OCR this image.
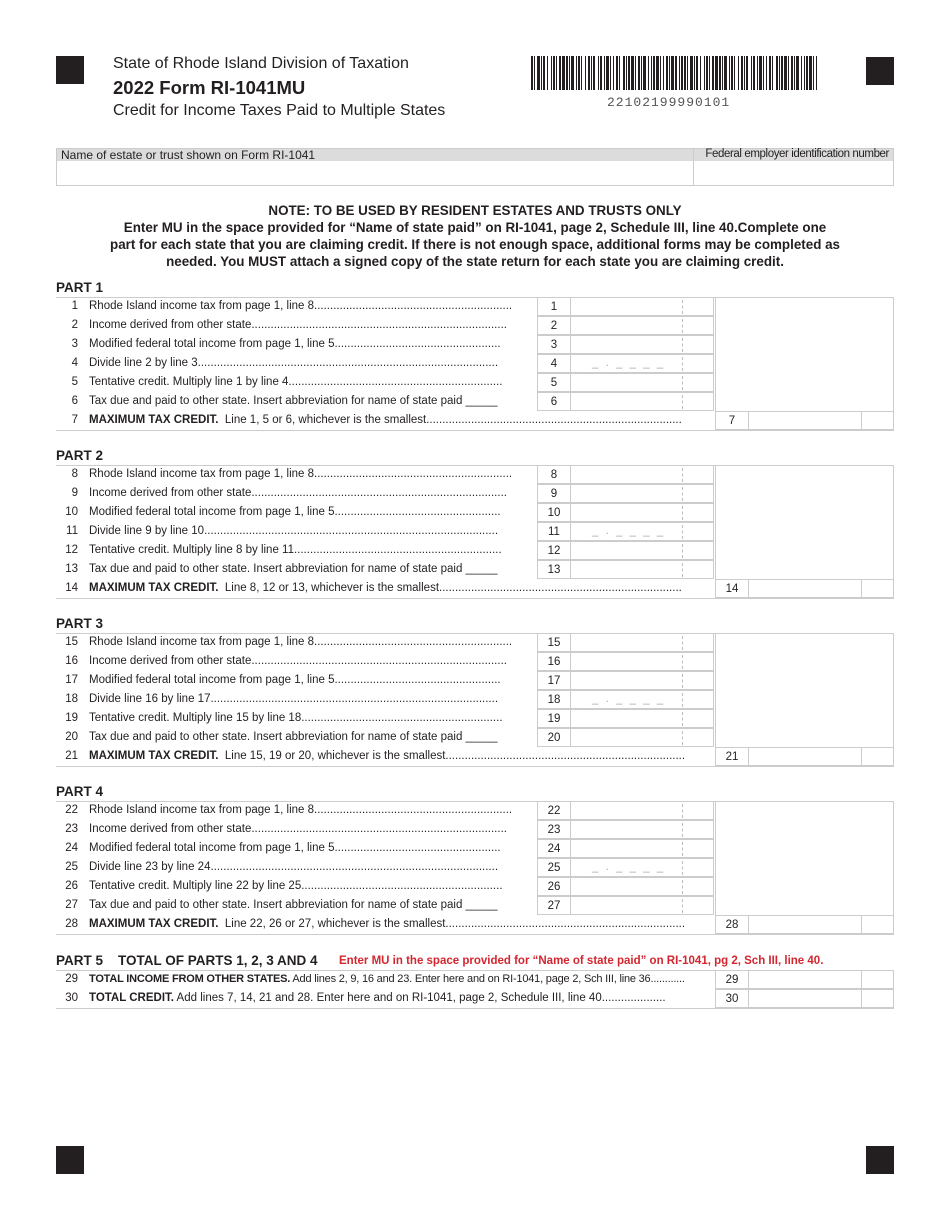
State of Rhode Island Division of Taxation
2022 Form RI-1041MU
Credit for Income Taxes Paid to Multiple States	22102199990101
Name of estate or trust shown on Form RI-1041	Federal employer identification number
NOTE: TO BE USED BY RESIDENT ESTATES AND TRUSTS ONLY
Enter MU in the space provided for “Name of state paid” on RI-1041, page 2, Schedule III, line 40.Complete one
part for each state that you are claiming credit. If there is not enough space, additional forms may be completed as
needed. You MUST attach a signed copy of the state return for each state you are claiming credit.
PART 1
1 Rhode Island income tax from page 1, line 8..............................................................	1
2 Income derived from other state................................................................................	2
3 Modified federal total income from page 1, line 5....................................................	3
4 Divide line 2 by line 3..............................................................................................	4	_ . _ _ _ _
5 Tentative credit. Multiply line 1 by line 4...................................................................	5
6 Tax due and paid to other state. Insert abbreviation for name of state paid _____	6
7 MAXIMUM TAX CREDIT. Line 1, 5 or 6, whichever is the smallest................................................................................	7
PART 2
8 Rhode Island income tax from page 1, line 8..............................................................	8
9 Income derived from other state................................................................................	9
10 Modified federal total income from page 1, line 5....................................................	10
11 Divide line 9 by line 10............................................................................................	11	_ . _ _ _ _
12 Tentative credit. Multiply line 8 by line 11.................................................................	12
13 Tax due and paid to other state. Insert abbreviation for name of state paid _____	13
14 MAXIMUM TAX CREDIT. Line 8, 12 or 13, whichever is the smallest............................................................................	14
PART 3
15 Rhode Island income tax from page 1, line 8..............................................................	15
16 Income derived from other state................................................................................	16
17 Modified federal total income from page 1, line 5....................................................	17
18 Divide line 16 by line 17..........................................................................................	18	_ . _ _ _ _
19 Tentative credit. Multiply line 15 by line 18...............................................................	19
20 Tax due and paid to other state. Insert abbreviation for name of state paid _____	20
21 MAXIMUM TAX CREDIT. Line 15, 19 or 20, whichever is the smallest...........................................................................	21
PART 4
22 Rhode Island income tax from page 1, line 8..............................................................	22
23 Income derived from other state................................................................................	23
24 Modified federal total income from page 1, line 5....................................................	24
25 Divide line 23 by line 24..........................................................................................	25	_ . _ _ _ _
26 Tentative credit. Multiply line 22 by line 25...............................................................	26
27 Tax due and paid to other state. Insert abbreviation for name of state paid _____	27
28 MAXIMUM TAX CREDIT. Line 22, 26 or 27, whichever is the smallest...........................................................................	28
PART 5    TOTAL OF PARTS 1, 2, 3 AND 4 Enter MU in the space provided for “Name of state paid” on RI-1041, pg 2, Sch III, line 40.
29 TOTAL INCOME FROM OTHER STATES. Add lines 2, 9, 16 and 23. Enter here and on RI-1041, page 2, Sch III, line 36............	29
30 TOTAL CREDIT. Add lines 7, 14, 21 and 28. Enter here and on RI-1041, page 2, Schedule III, line 40....................	30
